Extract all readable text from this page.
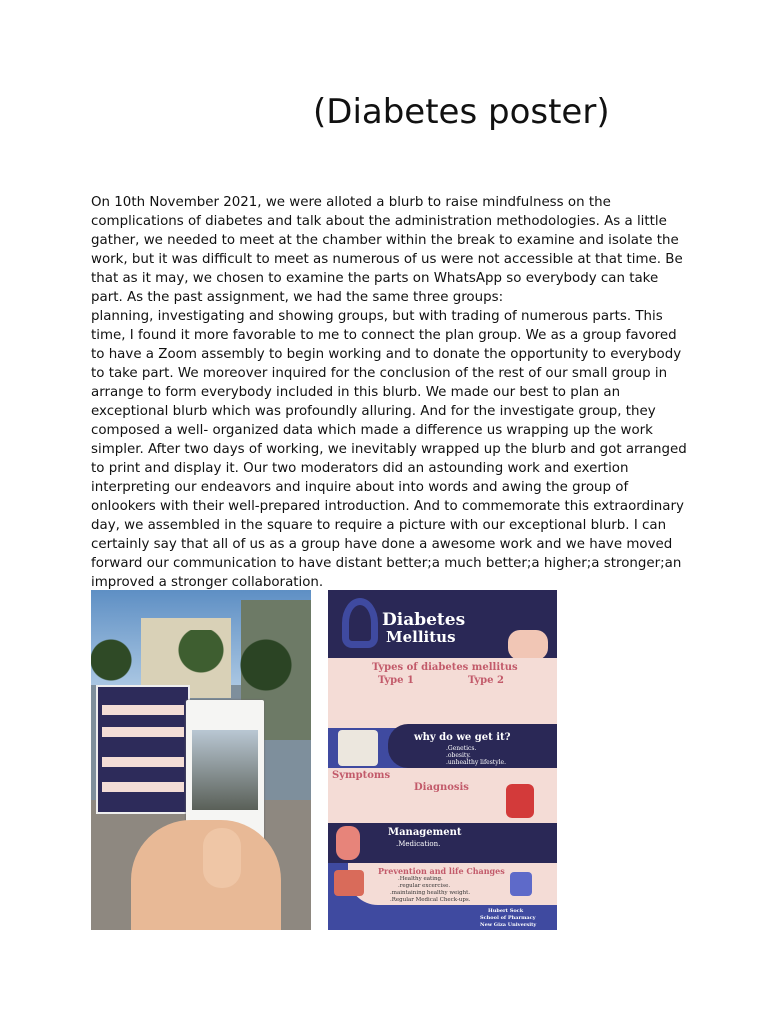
(Diabetes poster)

On 10th November 2021, we were alloted a blurb to raise mindfulness on the complications of diabetes and talk about the administration methodologies. As a little gather, we needed to meet at the chamber within the break to examine and isolate the work, but it was difficult to meet as numerous of us were not accessible at that time. Be that as it may, we chosen to examine the parts on WhatsApp so everybody can take part. As the past assignment, we had the same three groups:

planning, investigating and showing groups, but with trading of numerous parts. This time, I found it more favorable to me to connect the plan group. We as a group favored to have a Zoom assembly to begin working and to donate the opportunity to everybody to take part. We moreover inquired for the conclusion of the rest of our small group in arrange to form everybody included in this blurb. We made our best to plan an exceptional blurb which was profoundly alluring. And for the investigate group, they composed a well- organized data which made a difference us wrapping up the work simpler. After two days of working, we inevitably wrapped up the blurb and got arranged to print and display it. Our two moderators did an astounding work and exertion interpreting our endeavors and inquire about into words and awing the group of onlookers with their well-prepared introduction. And to commemorate this extraordinary day, we assembled in the square to require a picture with our exceptional blurb. I can certainly say that all of us as a group have done a awesome work and we have moved forward our communication to have distant better;a much better;a higher;a stronger;an improved a stronger collaboration.

Diabetes
Mellitus
Types of diabetes mellitus
Type 1	Type 2
why do we get it?
.Genetics.
.obesity.
.unhealthy lifestyle.
Symptoms
Diagnosis
Management
.Medication.
Prevention and life Changes
.Healthy eating.
.regular excercise.
.maintaining healthy weight.
.Regular Medical Check-ups.
Hubert Sock
School of Pharmacy
New Giza University
